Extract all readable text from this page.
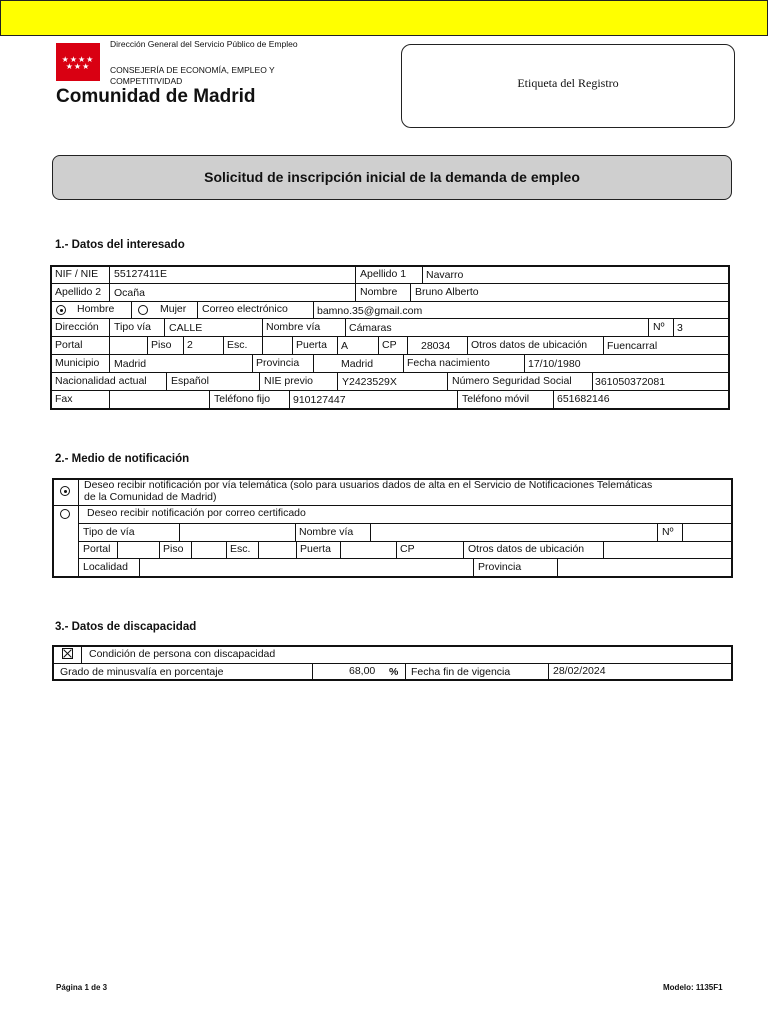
★★★★
★★★
Dirección General del Servicio Público de Empleo
CONSEJERÍA DE ECONOMÍA, EMPLEO Y COMPETITIVIDAD
Comunidad de Madrid
Etiqueta del Registro
Solicitud de inscripción inicial de la demanda de empleo
1.- Datos del interesado
NIF / NIE 55127411E	Apellido 1 Navarro
Apellido 2 Ocaña	Nombre Bruno Alberto
Hombre	Mujer Correo electrónico	bamno.35@gmail.com
Dirección Tipo vía CALLE	Nombre vía	Cámaras	Nº 3
Portal	Piso 2	Esc.	Puerta A	CP 28034 Otros datos de ubicación Fuencarral
Municipio Madrid	Provincia	Madrid	Fecha nacimiento	17/10/1980
Nacionalidad actual Español	NIE previo	Y2423529X	Número Seguridad Social 361050372081
Fax	Teléfono fijo 910127447	Teléfono móvil	651682146
2.- Medio de notificación
Deseo recibir notificación por vía telemática (solo para usuarios dados de alta en el Servicio de Notificaciones Telemáticas
de la Comunidad de Madrid)
Deseo recibir notificación por correo certificado
Tipo de vía	Nombre vía	Nº
Portal	Piso	Esc.	Puerta	CP	Otros datos de ubicación
Localidad	Provincia
3.- Datos de discapacidad
Condición de persona con discapacidad
Grado de minusvalía en porcentaje	68,00 % Fecha fin de vigencia	28/02/2024
Página 1 de 3	Modelo: 1135F1
